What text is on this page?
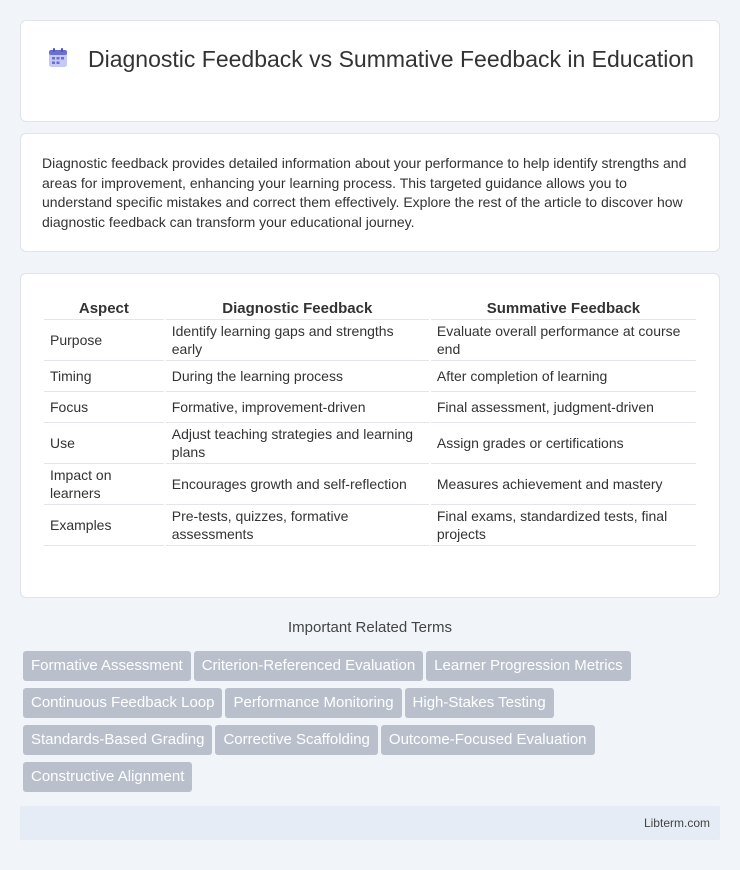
Diagnostic Feedback vs Summative Feedback in Education

Diagnostic feedback provides detailed information about your performance to help identify strengths and areas for improvement, enhancing your learning process. This targeted guidance allows you to understand specific mistakes and correct them effectively. Explore the rest of the article to discover how diagnostic feedback can transform your educational journey.

Aspect	Diagnostic Feedback	Summative Feedback
Purpose	Identify learning gaps and strengths early	Evaluate overall performance at course end
Timing	During the learning process	After completion of learning
Focus	Formative, improvement-driven	Final assessment, judgment-driven
Use	Adjust teaching strategies and learning plans	Assign grades or certifications
Impact on learners	Encourages growth and self-reflection	Measures achievement and mastery
Examples	Pre-tests, quizzes, formative assessments	Final exams, standardized tests, final projects
Important Related Terms
Formative Assessment Criterion-Referenced Evaluation Learner Progression Metrics
Continuous Feedback Loop Performance Monitoring High-Stakes Testing
Standards-Based Grading Corrective Scaffolding Outcome-Focused Evaluation
Constructive Alignment
Libterm.com
